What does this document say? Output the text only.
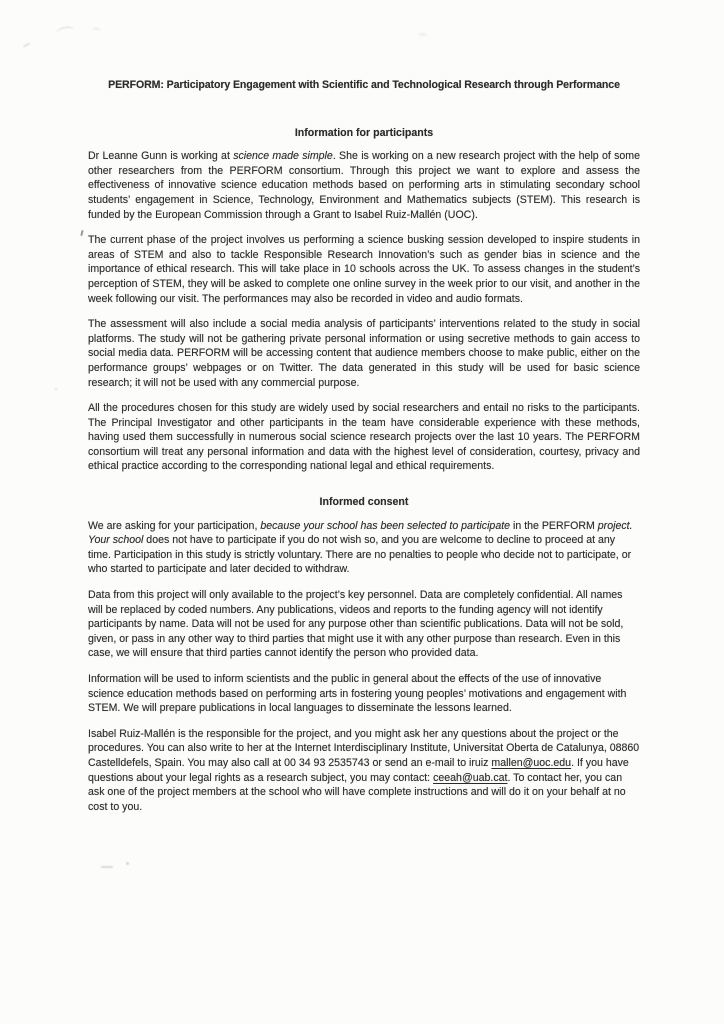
PERFORM: Participatory Engagement with Scientific and Technological Research through Performance
Information for participants

Dr Leanne Gunn is working at science made simple. She is working on a new research project with the help of some other researchers from the PERFORM consortium. Through this project we want to explore and assess the effectiveness of innovative science education methods based on performing arts in stimulating secondary school students’ engagement in Science, Technology, Environment and Mathematics subjects (STEM). This research is funded by the European Commission through a Grant to Isabel Ruiz-Mallén (UOC).

The current phase of the project involves us performing a science busking session developed to inspire students in areas of STEM and also to tackle Responsible Research Innovation’s such as gender bias in science and the importance of ethical research. This will take place in 10 schools across the UK. To assess changes in the student’s perception of STEM, they will be asked to complete one online survey in the week prior to our visit, and another in the week following our visit. The performances may also be recorded in video and audio formats.

The assessment will also include a social media analysis of participants’ interventions related to the study in social platforms. The study will not be gathering private personal information or using secretive methods to gain access to social media data. PERFORM will be accessing content that audience members choose to make public, either on the performance groups’ webpages or on Twitter. The data generated in this study will be used for basic science research; it will not be used with any commercial purpose.

All the procedures chosen for this study are widely used by social researchers and entail no risks to the participants. The Principal Investigator and other participants in the team have considerable experience with these methods, having used them successfully in numerous social science research projects over the last 10 years. The PERFORM consortium will treat any personal information and data with the highest level of consideration, courtesy, privacy and ethical practice according to the corresponding national legal and ethical requirements.

Informed consent

We are asking for your participation, because your school has been selected to participate in the PERFORM project. Your school does not have to participate if you do not wish so, and you are welcome to decline to proceed at any time. Participation in this study is strictly voluntary. There are no penalties to people who decide not to participate, or who started to participate and later decided to withdraw.

Data from this project will only available to the project’s key personnel. Data are completely confidential. All names will be replaced by coded numbers. Any publications, videos and reports to the funding agency will not identify participants by name. Data will not be used for any purpose other than scientific publications. Data will not be sold, given, or pass in any other way to third parties that might use it with any other purpose than research. Even in this case, we will ensure that third parties cannot identify the person who provided data.

Information will be used to inform scientists and the public in general about the effects of the use of innovative science education methods based on performing arts in fostering young peoples’ motivations and engagement with STEM. We will prepare publications in local languages to disseminate the lessons learned.

Isabel Ruiz-Mallén is the responsible for the project, and you might ask her any questions about the project or the procedures. You can also write to her at the Internet Interdisciplinary Institute, Universitat Oberta de Catalunya, 08860 Castelldefels, Spain. You may also call at 00 34 93 2535743 or send an e-mail to iruiz mallen@uoc.edu. If you have questions about your legal rights as a research subject, you may contact: ceeah@uab.cat. To contact her, you can ask one of the project members at the school who will have complete instructions and will do it on your behalf at no cost to you.
